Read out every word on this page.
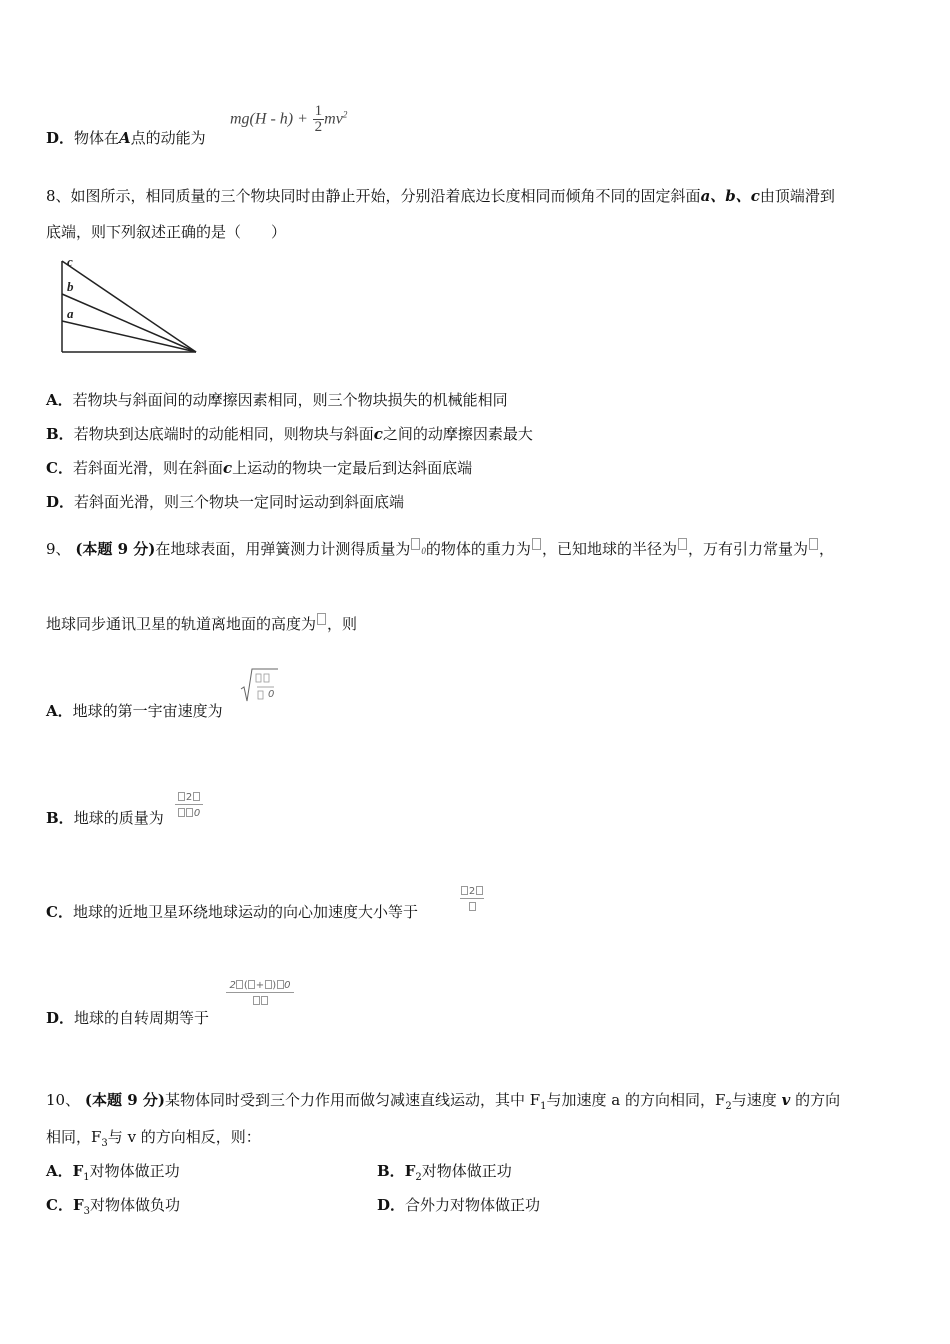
D．物体在A点的动能为
$mg(H - h) + \frac{1}{2} mv^2$
8、如图所示，相同质量的三个物块同时由静止开始，分别沿着底边长度相同而倾角不同的固定斜面a、b、c由顶端滑到
底端，则下列叙述正确的是（　　）
c
b
a
A．若物块与斜面间的动摩擦因素相同，则三个物块损失的机械能相同
B．若物块到达底端时的动能相同，则物块与斜面c之间的动摩擦因素最大
C．若斜面光滑，则在斜面c上运动的物块一定最后到达斜面底端
D．若斜面光滑，则三个物块一定同时运动到斜面底端
9、 (本题 9 分)在地球表面，用弹簧测力计测得质量为 0的物体的重力为 ，已知地球的半径为 ，万有引力常量为 ，
地球同步通讯卫星的轨道离地面的高度为 ，则
A．地球的第一宇宙速度为
0
B．地球的质量为
2
0
C．地球的近地卫星环绕地球运动的向心加速度大小等于
2
D．地球的自转周期等于
2 ( + ) 0
10、 (本题 9 分)某物体同时受到三个力作用而做匀减速直线运动，其中 $F_1$与加速度 a 的方向相同，$F_2$与速度 v 的方向
相同，$F_3$与 v 的方向相反，则：
A．$F_1$对物体做正功	B．$F_2$对物体做正功
C．$F_3$对物体做负功	D．合外力对物体做正功
